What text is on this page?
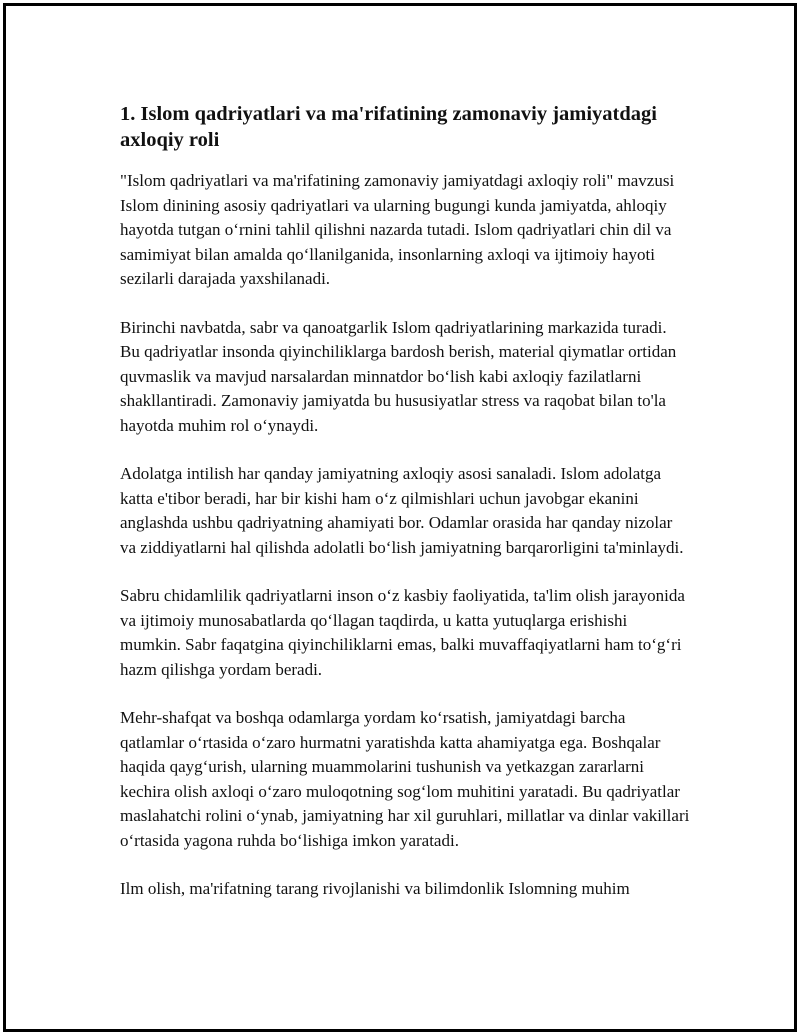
1. Islom qadriyatlari va ma'rifatining zamonaviy jamiyatdagi axloqiy roli

"Islom qadriyatlari va ma'rifatining zamonaviy jamiyatdagi axloqiy roli" mavzusi Islom dinining asosiy qadriyatlari va ularning bugungi kunda jamiyatda, ahloqiy hayotda tutgan o‘rnini tahlil qilishni nazarda tutadi. Islom qadriyatlari chin dil va samimiyat bilan amalda qo‘llanilganida, insonlarning axloqi va ijtimoiy hayoti sezilarli darajada yaxshilanadi.

Birinchi navbatda, sabr va qanoatgarlik Islom qadriyatlarining markazida turadi. Bu qadriyatlar insonda qiyinchiliklarga bardosh berish, material qiymatlar ortidan quvmaslik va mavjud narsalardan minnatdor bo‘lish kabi axloqiy fazilatlarni shakllantiradi. Zamonaviy jamiyatda bu hususiyatlar stress va raqobat bilan to'la hayotda muhim rol o‘ynaydi.

Adolatga intilish har qanday jamiyatning axloqiy asosi sanaladi. Islom adolatga katta e'tibor beradi, har bir kishi ham o‘z qilmishlari uchun javobgar ekanini anglashda ushbu qadriyatning ahamiyati bor. Odamlar orasida har qanday nizolar va ziddiyatlarni hal qilishda adolatli bo‘lish jamiyatning barqarorligini ta'minlaydi.

Sabru chidamlilik qadriyatlarni inson o‘z kasbiy faoliyatida, ta'lim olish jarayonida va ijtimoiy munosabatlarda qo‘llagan taqdirda, u katta yutuqlarga erishishi mumkin. Sabr faqatgina qiyinchiliklarni emas, balki muvaffaqiyatlarni ham to‘g‘ri hazm qilishga yordam beradi.

Mehr-shafqat va boshqa odamlarga yordam ko‘rsatish, jamiyatdagi barcha qatlamlar o‘rtasida o‘zaro hurmatni yaratishda katta ahamiyatga ega. Boshqalar haqida qayg‘urish, ularning muammolarini tushunish va yetkazgan zararlarni kechira olish axloqi o‘zaro muloqotning sog‘lom muhitini yaratadi. Bu qadriyatlar maslahatchi rolini o‘ynab, jamiyatning har xil guruhlari, millatlar va dinlar vakillari o‘rtasida yagona ruhda bo‘lishiga imkon yaratadi.

Ilm olish, ma'rifatning tarang rivojlanishi va bilimdonlik Islomning muhim
